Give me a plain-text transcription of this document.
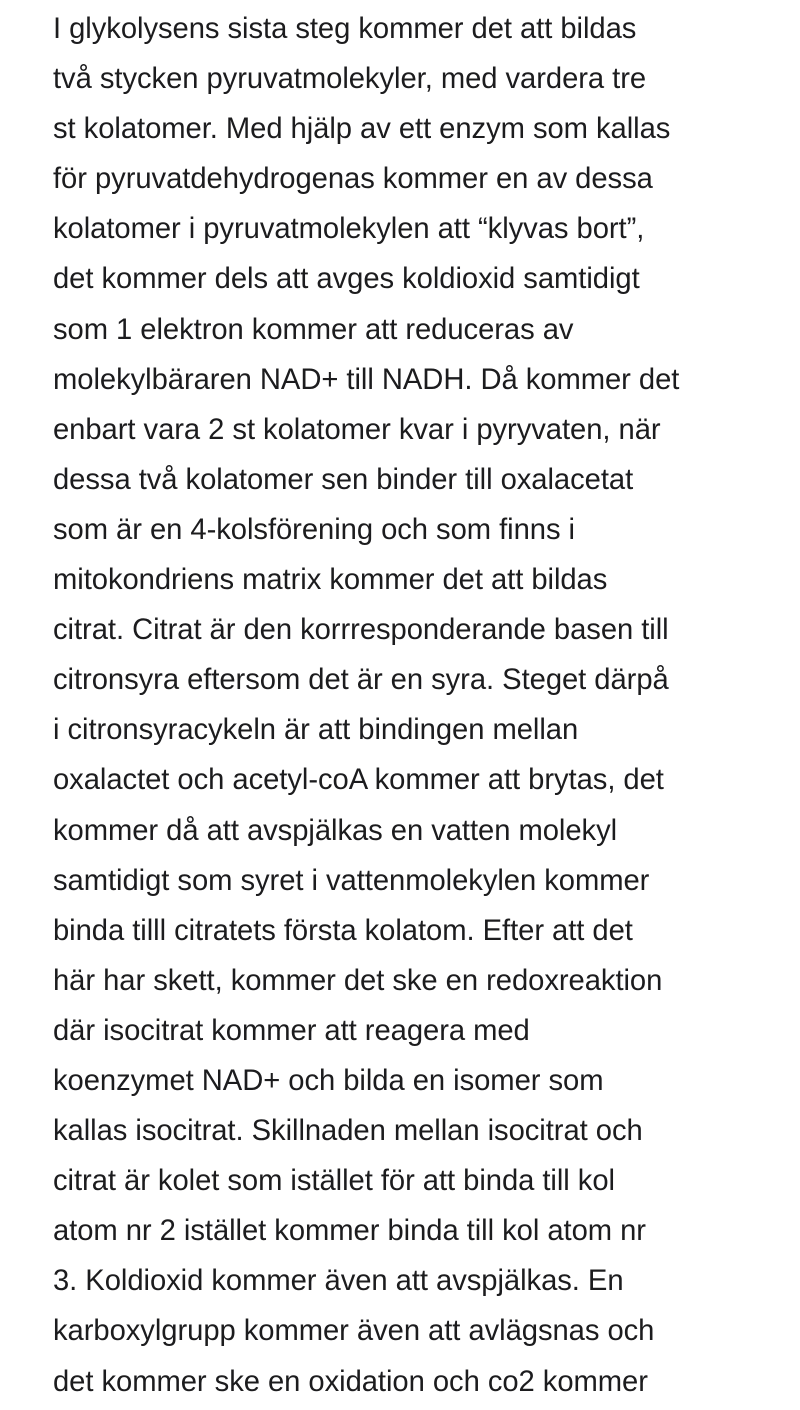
I glykolysens sista steg kommer det att bildas
två stycken pyruvatmolekyler, med vardera tre
st kolatomer. Med hjälp av ett enzym som kallas
för pyruvatdehydrogenas kommer en av dessa
kolatomer i pyruvatmolekylen att “klyvas bort”,
det kommer dels att avges koldioxid samtidigt
som 1 elektron kommer att reduceras av
molekylbäraren NAD+ till NADH. Då kommer det
enbart vara 2 st kolatomer kvar i pyryvaten, när
dessa två kolatomer sen binder till oxalacetat
som är en 4-kolsförening och som finns i
mitokondriens matrix kommer det att bildas
citrat. Citrat är den korrresponderande basen till
citronsyra eftersom det är en syra. Steget därpå
i citronsyracykeln är att bindingen mellan
oxalactet och acetyl-coA kommer att brytas, det
kommer då att avspjälkas en vatten molekyl
samtidigt som syret i vattenmolekylen kommer
binda tilll citratets första kolatom. Efter att det
här har skett, kommer det ske en redoxreaktion
där isocitrat kommer att reagera med
koenzymet NAD+ och bilda en isomer som
kallas isocitrat. Skillnaden mellan isocitrat och
citrat är kolet som istället för att binda till kol
atom nr 2 istället kommer binda till kol atom nr
3. Koldioxid kommer även att avspjälkas. En
karboxylgrupp kommer även att avlägsnas och
det kommer ske en oxidation och co2 kommer
